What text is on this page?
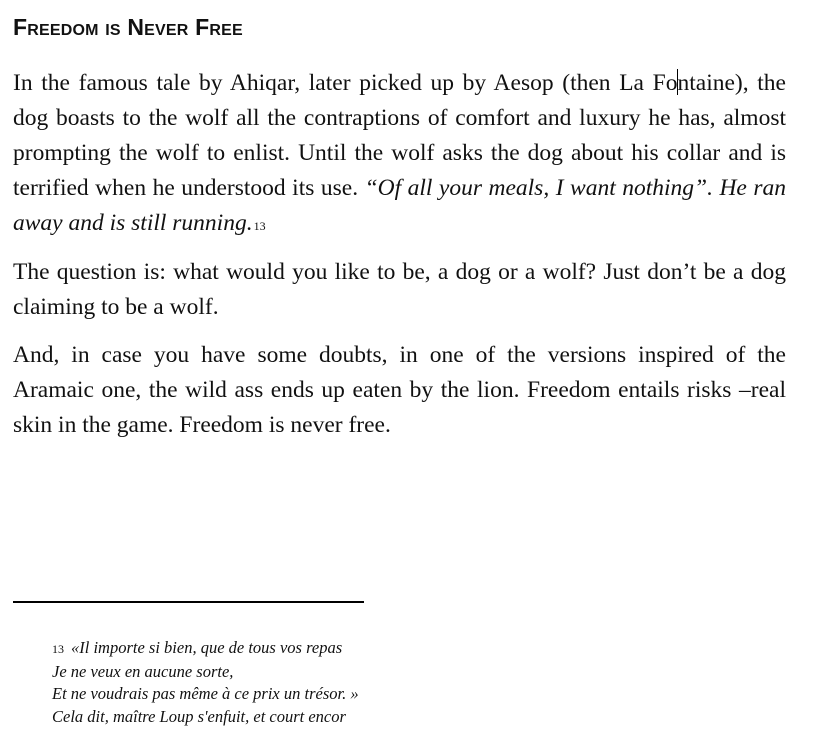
Freedom is Never Free

In the famous tale by Ahiqar, later picked up by Aesop (then La Fontaine), the dog boasts to the wolf all the contraptions of comfort and luxury he has, almost prompting the wolf to enlist. Until the wolf asks the dog about his collar and is terrified when he understood its use. “Of all your meals, I want nothing”. He ran away and is still running.13

The question is: what would you like to be, a dog or a wolf? Just don’t be a dog claiming to be a wolf.

And, in case you have some doubts, in one of the versions inspired of the Aramaic one, the wild ass ends up eaten by the lion. Freedom entails risks –real skin in the game. Freedom is never free.

13 «Il importe si bien, que de tous vos repas
Je ne veux en aucune sorte,
Et ne voudrais pas même à ce prix un trésor. »
Cela dit, maître Loup s'enfuit, et court encor
